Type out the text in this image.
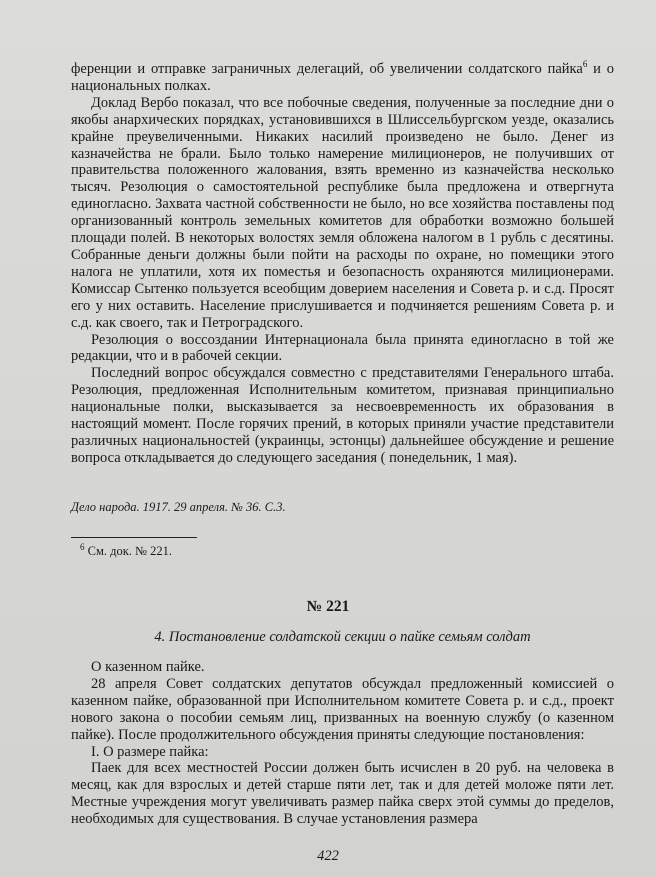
ференции и отправке заграничных делегаций, об увеличении солдатского пайка$^6$ и о национальных полках.

Доклад Вербо показал, что все побочные сведения, полученные за последние дни о якобы анархических порядках, установившихся в Шлиссельбургском уезде, оказались крайне преувеличенными. Никаких насилий произведено не было. Денег из казначейства не брали. Было только намерение милиционеров, не получивших от правительства положенного жалования, взять временно из казначейства несколько тысяч. Резолюция о самостоятельной республике была предложена и отвергнута единогласно. Захвата частной собственности не было, но все хозяйства поставлены под организованный контроль земельных комитетов для обработки возможно большей площади полей. В некоторых волостях земля обложена налогом в 1 рубль с десятины. Собранные деньги должны были пойти на расходы по охране, но помещики этого налога не уплатили, хотя их поместья и безопасность охраняются милиционерами. Комиссар Сытенко пользуется всеобщим доверием населения и Совета р. и с.д. Просят его у них оставить. Население прислушивается и подчиняется решениям Совета р. и с.д. как своего, так и Петроградского.

Резолюция о воссоздании Интернационала была принята единогласно в той же редакции, что и в рабочей секции.

Последний вопрос обсуждался совместно с представителями Генерального штаба. Резолюция, предложенная Исполнительным комитетом, признавая принципиально национальные полки, высказывается за несвоевременность их образования в настоящий момент. После горячих прений, в которых приняли участие представители различных национальностей (украинцы, эстонцы) дальнейшее обсуждение и решение вопроса откладывается до следующего заседания ( понедельник, 1 мая).

Дело народа. 1917. 29 апреля. № 36. С.3.
$^6$ См. док. № 221.
№ 221
4. Постановление солдатской секции о пайке семьям солдат

О казенном пайке.

28 апреля Совет солдатских депутатов обсуждал предложенный комиссией о казенном пайке, образованной при Исполнительном комитете Совета р. и с.д., проект нового закона о пособии семьям лиц, призванных на военную службу (о казенном пайке). После продолжительного обсуждения приняты следующие постановления:

I. О размере пайка:

Паек для всех местностей России должен быть исчислен в 20 руб. на человека в месяц, как для взрослых и детей старше пяти лет, так и для детей моложе пяти лет. Местные учреждения могут увеличивать размер пайка сверх этой суммы до пределов, необходимых для существования. В случае установления размера

422
